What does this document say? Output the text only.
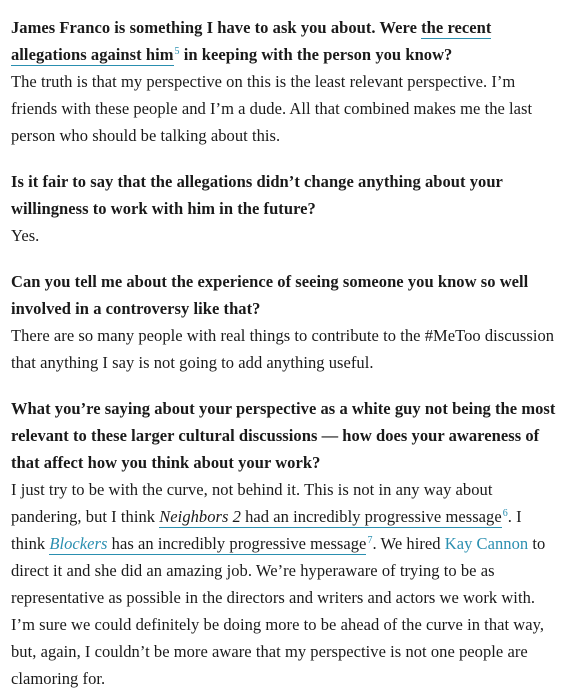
James Franco is something I have to ask you about. Were the recent allegations against him$^5$ in keeping with the person you know?

The truth is that my perspective on this is the least relevant perspective. I’m friends with these people and I’m a dude. All that combined makes me the last person who should be talking about this.

Is it fair to say that the allegations didn’t change anything about your willingness to work with him in the future?

Yes.

Can you tell me about the experience of seeing someone you know so well involved in a controversy like that?

There are so many people with real things to contribute to the #MeToo discussion that anything I say is not going to add anything useful.

What you’re saying about your perspective as a white guy not being the most relevant to these larger cultural discussions — how does your awareness of that affect how you think about your work?

I just try to be with the curve, not behind it. This is not in any way about pandering, but I think Neighbors 2 had an incredibly progressive message$^6$. I think Blockers has an incredibly progressive message$^7$. We hired Kay Cannon to direct it and she did an amazing job. We’re hyperaware of trying to be as representative as possible in the directors and writers and actors we work with. I’m sure we could definitely be doing more to be ahead of the curve in that way, but, again, I couldn’t be more aware that my perspective is not one people are clamoring for.
